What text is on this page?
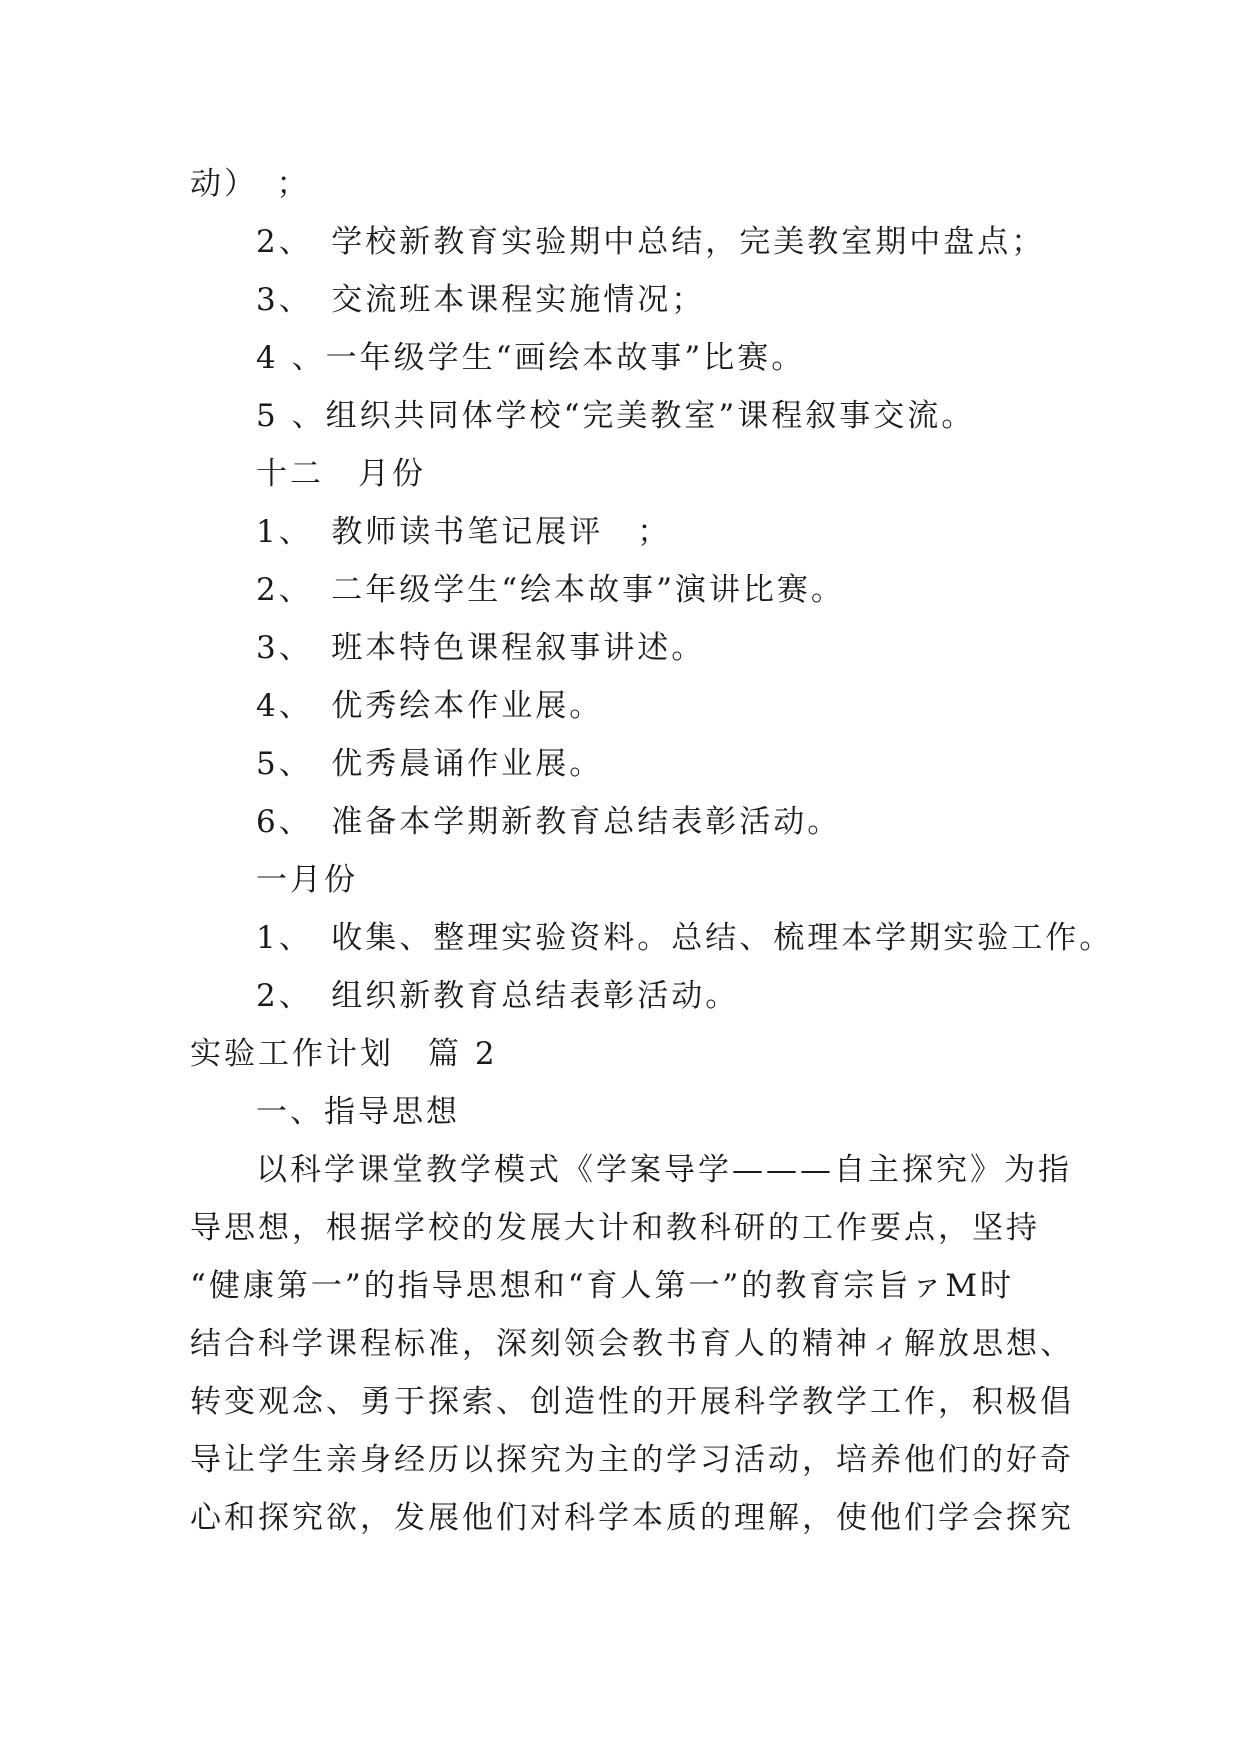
动）　；
2、　学校新教育实验期中总结，完美教室期中盘点；
3、　交流班本课程实施情况；
4 、一年级学生“画绘本故事”比赛。
5 、组织共同体学校“完美教室”课程叙事交流。
十二　月份
1、　教师读书笔记展评　；
2、　二年级学生“绘本故事”演讲比赛。
3、　班本特色课程叙事讲述。
4、　优秀绘本作业展。
5、　优秀晨诵作业展。
6、　准备本学期新教育总结表彰活动。
一月份
1、　收集、整理实验资料。总结、梳理本学期实验工作。
2、　组织新教育总结表彰活动。
实验工作计划　篇 2
一、指导思想
以科学课堂教学模式《学案导学———自主探究》为指
导思想，根据学校的发展大计和教科研的工作要点，坚持
“健康第一”的指导思想和“育人第一”的教育宗旨ァM时
结合科学课程标准，深刻领会教书育人的精神ィ解放思想、
转变观念、勇于探索、创造性的开展科学教学工作，积极倡
导让学生亲身经历以探究为主的学习活动，培养他们的好奇
心和探究欲，发展他们对科学本质的理解，使他们学会探究
